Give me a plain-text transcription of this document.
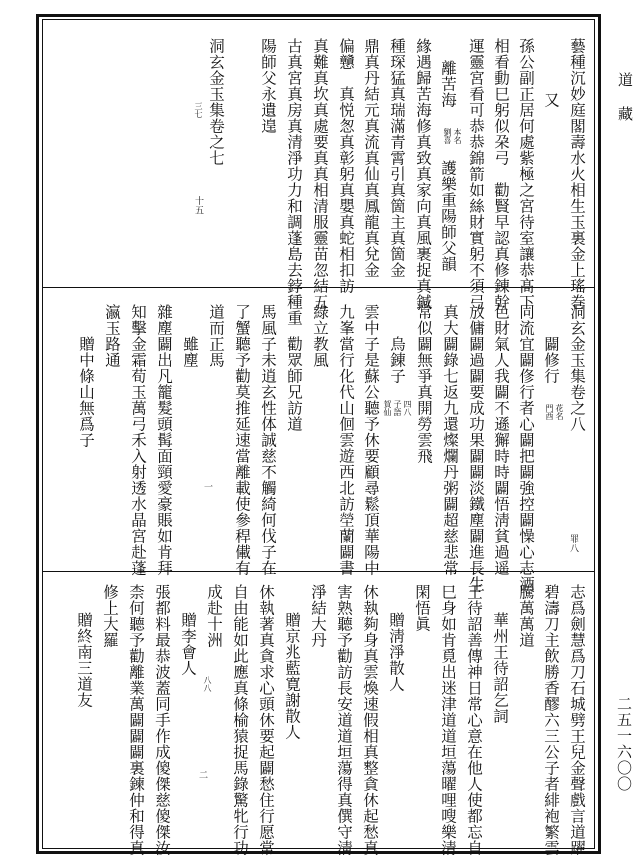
道
藏
二五一六〇〇
藝種沉妙庭閣壽水火相生玉裏金上瑤巻
又
孫公副正居何處紫極之宮待室讓恭髙下
相看動巳躬似朶弓　勸賢早認真修錬幹
運靈宮看可恭恭錦箭如絲財實躬不須弓
離苦海
本名
劉喜
護樂重陽師父韻
緣遇歸苦海修真致真家向真風裹捉真鍼
種琛猛真瑞滿青霄引真箇主真箇金
鼎真丹結元真流真仙真鳳龍真兌金
偏戇　真悦怱真彰躬真嬰真蛇相扣訪
真難真坎真處要真真相清服靈苗忽結五
古真宮真房真清淨功力和調蓬島去鋍種重
陽師父永遺遑
洞玄金玉集卷之七
三七
十五
洞玄金玉集卷之八
罪八
闢修行
花名
門酉
同流宜闢俢行者心闢把闢強控闢懆心志酒
色財氣人我闢不遜獬時時闢悟淸貧過遥
放傭闢過闢要成功果闢闢淡鐵塵闢進長生
真大闢錄七返九還燦爛丹粥闢超慈悲常
常似闢無爭真開勞雲飛
烏錬子
四八
子語
賀仙
雲中子是蘇公聽予休要顧尋鬆頂華陽中
九峯當行化代山佪雲遊西北訪塋蘭闢書
綠立教風
勸眾師兄訪道
馬風子未逍玄性体誠慈不觸綺何伐子在
了蟹聽予勸莫推延速當離載使參稈儎有
道而正馬
雖塵
雜塵闢出凡籠髮頭髯面頸愛豪賬如肯拜
知擊金霜荀玉萬弓禾入射透水晶宮赴蓬
瀛玉路通
贈中條山無爲子
一
志爲劍慧爲刀石城劈王兒金聲戲言道躍
碧濤刀主飲勝香醪六三公子者緋袍繁雲
騰萬萬道
華州王待詔乞詞
王待詔善傳神日常心意在他人使都忘自
巳身如肯覓出迷津道道垣蕩曜哩嗖樂清
閑悟眞
贈淸淨散人
休執夠身真雲煥速假相真整貪休起愁真
害熟聽予勸訪長安道道垣蕩得真僎守淸
淨結大丹
贈京兆藍寛謝散人
休執著真貪求心頭休要起闢愁住行愿常
自由能如此應真條榆猿捉馬錄驚牝行功
成赴十洲
贈李會人
八八
張都料最恭波蓋同手作成傻傑慈傻傑汝
柰何聽予勸離業萬闢闢闢裏鍊仲和得真
修上大羅
贈終南三道友
二
